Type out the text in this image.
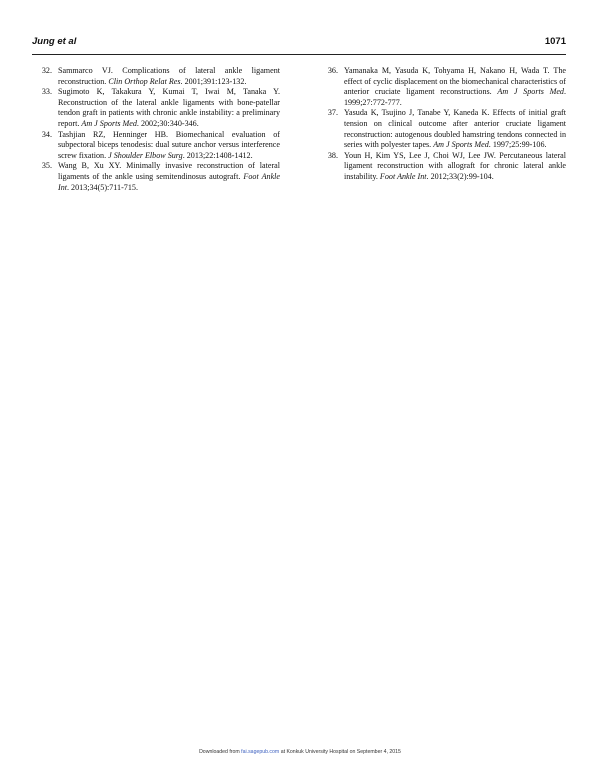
Jung et al	1071
32. Sammarco VJ. Complications of lateral ankle ligament reconstruction. Clin Orthop Relat Res. 2001;391:123-132.
33. Sugimoto K, Takakura Y, Kumai T, Iwai M, Tanaka Y. Reconstruction of the lateral ankle ligaments with bone-patellar tendon graft in patients with chronic ankle instability: a preliminary report. Am J Sports Med. 2002;30:340-346.
34. Tashjian RZ, Henninger HB. Biomechanical evaluation of subpectoral biceps tenodesis: dual suture anchor versus interference screw fixation. J Shoulder Elbow Surg. 2013;22:1408-1412.
35. Wang B, Xu XY. Minimally invasive reconstruction of lateral ligaments of the ankle using semitendinosus autograft. Foot Ankle Int. 2013;34(5):711-715.
36. Yamanaka M, Yasuda K, Tohyama H, Nakano H, Wada T. The effect of cyclic displacement on the biomechanical characteristics of anterior cruciate ligament reconstructions. Am J Sports Med. 1999;27:772-777.
37. Yasuda K, Tsujino J, Tanabe Y, Kaneda K. Effects of initial graft tension on clinical outcome after anterior cruciate ligament reconstruction: autogenous doubled hamstring tendons connected in series with polyester tapes. Am J Sports Med. 1997;25:99-106.
38. Youn H, Kim YS, Lee J, Choi WJ, Lee JW. Percutaneous lateral ligament reconstruction with allograft for chronic lateral ankle instability. Foot Ankle Int. 2012;33(2):99-104.
Downloaded from fai.sagepub.com at Konkuk University Hospital on September 4, 2015
